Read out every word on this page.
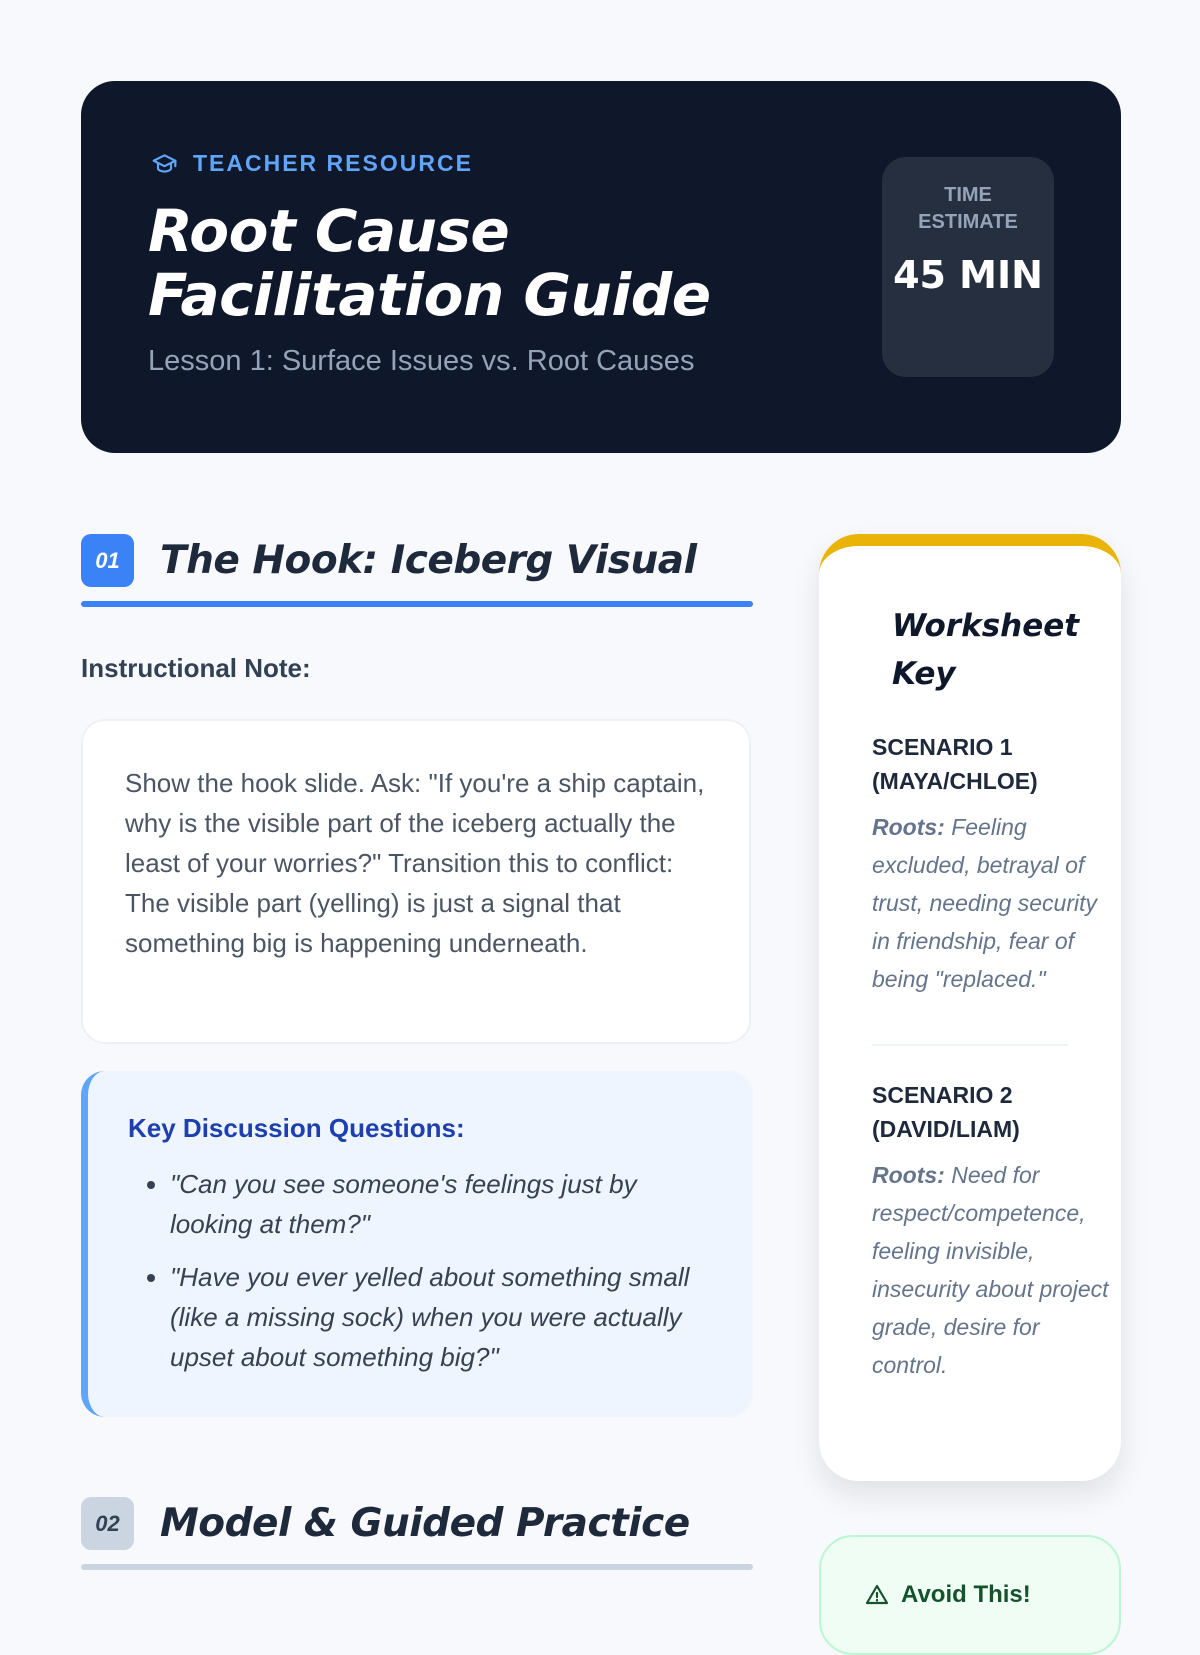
TEACHER RESOURCE
Root Cause Facilitation Guide
Lesson 1: Surface Issues vs. Root Causes
TIME ESTIMATE
45 MIN
01	The Hook: Iceberg Visual
Instructional Note:
Show the hook slide. Ask: "If you're a ship captain, why is the visible part of the iceberg actually the least of your worries?" Transition this to conflict: The visible part (yelling) is just a signal that something big is happening underneath.
Key Discussion Questions:
• "Can you see someone's feelings just by looking at them?"
• "Have you ever yelled about something small (like a missing sock) when you were actually upset about something big?"
02	Model & Guided Practice
Worksheet Key
SCENARIO 1 (MAYA/CHLOE)
Roots: Feeling excluded, betrayal of trust, needing security in friendship, fear of being "replaced."
SCENARIO 2 (DAVID/LIAM)
Roots: Need for respect/competence, feeling invisible, insecurity about project grade, desire for control.
Avoid This!
